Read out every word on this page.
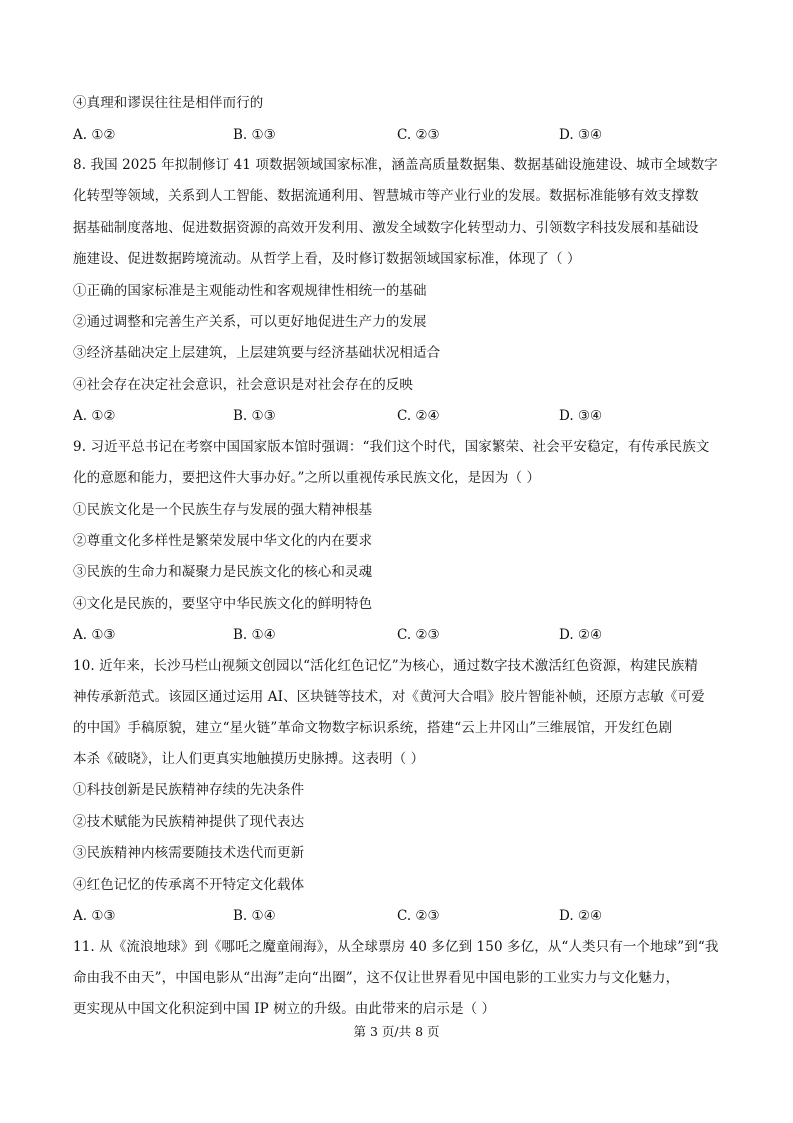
④真理和谬误往往是相伴而行的
A. ①②	B. ①③	C. ②③	D. ③④
8. 我国 2025 年拟制修订 41 项数据领域国家标准，涵盖高质量数据集、数据基础设施建设、城市全域数字
化转型等领域，关系到人工智能、数据流通利用、智慧城市等产业行业的发展。数据标准能够有效支撑数
据基础制度落地、促进数据资源的高效开发利用、激发全域数字化转型动力、引领数字科技发展和基础设
施建设、促进数据跨境流动。从哲学上看，及时修订数据领域国家标准，体现了（ ）
①正确的国家标准是主观能动性和客观规律性相统一的基础
②通过调整和完善生产关系，可以更好地促进生产力的发展
③经济基础决定上层建筑，上层建筑要与经济基础状况相适合
④社会存在决定社会意识，社会意识是对社会存在的反映
A. ①②	B. ①③	C. ②④	D. ③④
9. 习近平总书记在考察中国国家版本馆时强调：“我们这个时代，国家繁荣、社会平安稳定，有传承民族文
化的意愿和能力，要把这件大事办好。”之所以重视传承民族文化，是因为（ ）
①民族文化是一个民族生存与发展的强大精神根基
②尊重文化多样性是繁荣发展中华文化的内在要求
③民族的生命力和凝聚力是民族文化的核心和灵魂
④文化是民族的，要坚守中华民族文化的鲜明特色
A. ①③	B. ①④	C. ②③	D. ②④
10. 近年来，长沙马栏山视频文创园以“活化红色记忆”为核心，通过数字技术激活红色资源，构建民族精
神传承新范式。该园区通过运用 AI、区块链等技术，对《黄河大合唱》胶片智能补帧，还原方志敏《可爱
的中国》手稿原貌，建立“星火链”革命文物数字标识系统，搭建“云上井冈山”三维展馆，开发红色剧
本杀《破晓》，让人们更真实地触摸历史脉搏。这表明（ ）
①科技创新是民族精神存续的先决条件
②技术赋能为民族精神提供了现代表达
③民族精神内核需要随技术迭代而更新
④红色记忆的传承离不开特定文化载体
A. ①③	B. ①④	C. ②③	D. ②④
11. 从《流浪地球》到《哪吒之魔童闹海》，从全球票房 40 多亿到 150 多亿，从“人类只有一个地球”到“我
命由我不由天”，中国电影从“出海”走向“出圈”，这不仅让世界看见中国电影的工业实力与文化魅力，
更实现从中国文化积淀到中国 IP 树立的升级。由此带来的启示是（ ）
第 3 页/共 8 页
